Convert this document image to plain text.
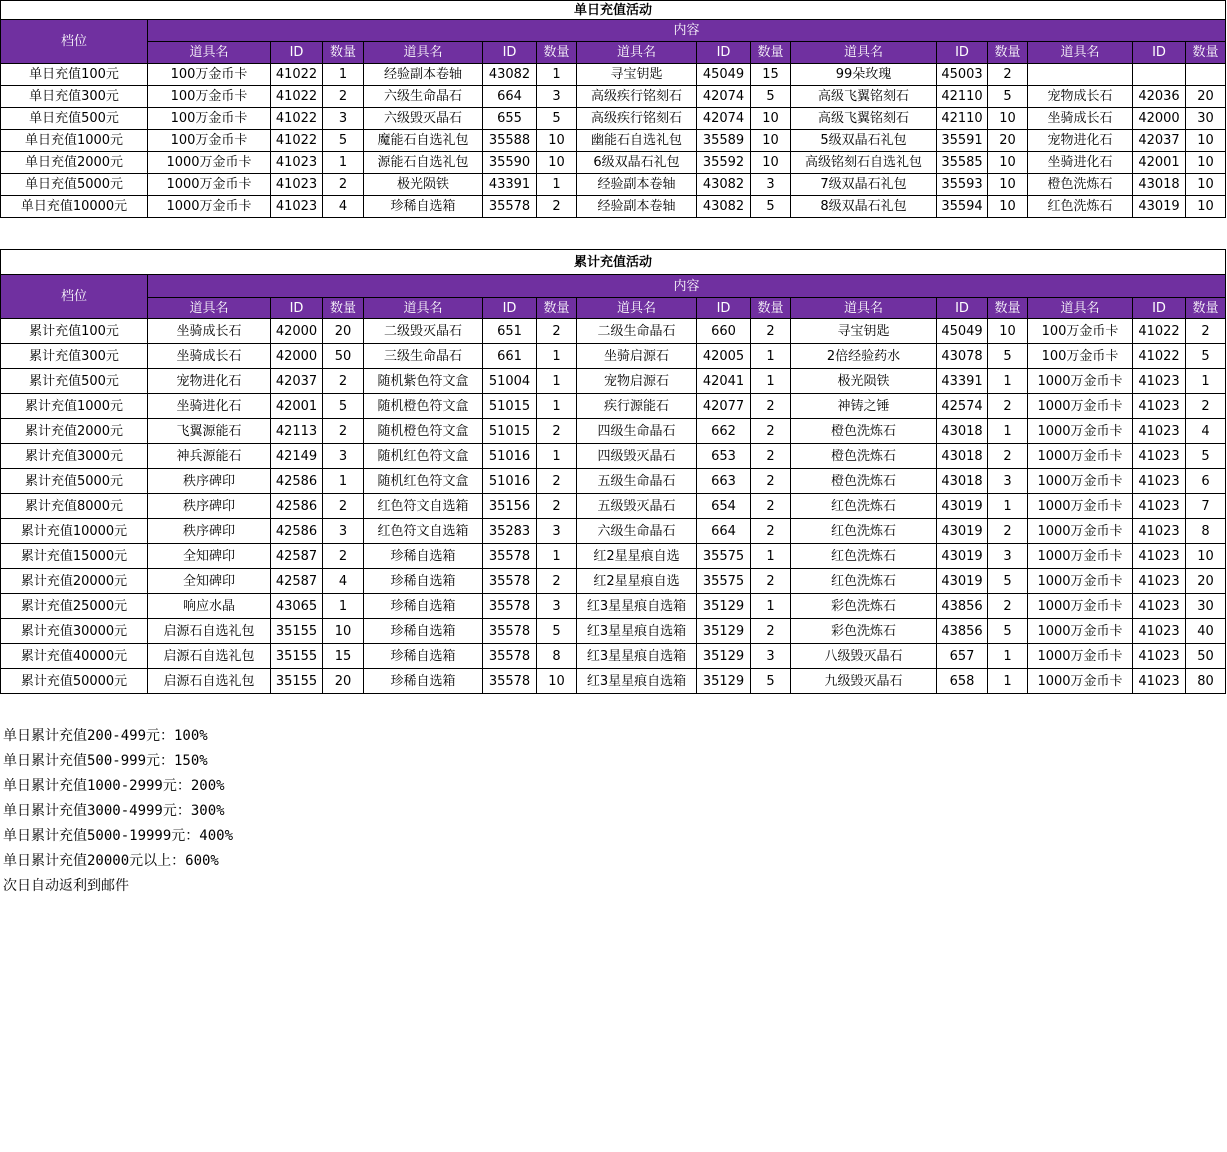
单日充值活动															
档位	内容														
	道具名	ID	数量	道具名	ID	数量	道具名	ID	数量	道具名	ID	数量	道具名	ID	数量
单日充值100元	100万金币卡	41022	1	经验副本卷轴	43082	1	寻宝钥匙	45049	15	99朵玫瑰	45003	2			
单日充值300元	100万金币卡	41022	2	六级生命晶石	664	3	高级疾行铭刻石	42074	5	高级飞翼铭刻石	42110	5	宠物成长石	42036	20
单日充值500元	100万金币卡	41022	3	六级毁灭晶石	655	5	高级疾行铭刻石	42074	10	高级飞翼铭刻石	42110	10	坐骑成长石	42000	30
单日充值1000元	100万金币卡	41022	5	魔能石自选礼包	35588	10	幽能石自选礼包	35589	10	5级双晶石礼包	35591	20	宠物进化石	42037	10
单日充值2000元	1000万金币卡	41023	1	源能石自选礼包	35590	10	6级双晶石礼包	35592	10	高级铭刻石自选礼包	35585	10	坐骑进化石	42001	10
单日充值5000元	1000万金币卡	41023	2	极光陨铁	43391	1	经验副本卷轴	43082	3	7级双晶石礼包	35593	10	橙色洗炼石	43018	10
单日充值10000元	1000万金币卡	41023	4	珍稀自选箱	35578	2	经验副本卷轴	43082	5	8级双晶石礼包	35594	10	红色洗炼石	43019	10
累计充值活动															
档位	内容														
	道具名	ID	数量	道具名	ID	数量	道具名	ID	数量	道具名	ID	数量	道具名	ID	数量
累计充值100元	坐骑成长石	42000	20	二级毁灭晶石	651	2	二级生命晶石	660	2	寻宝钥匙	45049	10	100万金币卡	41022	2
累计充值300元	坐骑成长石	42000	50	三级生命晶石	661	1	坐骑启源石	42005	1	2倍经验药水	43078	5	100万金币卡	41022	5
累计充值500元	宠物进化石	42037	2	随机紫色符文盒	51004	1	宠物启源石	42041	1	极光陨铁	43391	1	1000万金币卡	41023	1
累计充值1000元	坐骑进化石	42001	5	随机橙色符文盒	51015	1	疾行源能石	42077	2	神铸之锤	42574	2	1000万金币卡	41023	2
累计充值2000元	飞翼源能石	42113	2	随机橙色符文盒	51015	2	四级生命晶石	662	2	橙色洗炼石	43018	1	1000万金币卡	41023	4
累计充值3000元	神兵源能石	42149	3	随机红色符文盒	51016	1	四级毁灭晶石	653	2	橙色洗炼石	43018	2	1000万金币卡	41023	5
累计充值5000元	秩序碑印	42586	1	随机红色符文盒	51016	2	五级生命晶石	663	2	橙色洗炼石	43018	3	1000万金币卡	41023	6
累计充值8000元	秩序碑印	42586	2	红色符文自选箱	35156	2	五级毁灭晶石	654	2	红色洗炼石	43019	1	1000万金币卡	41023	7
累计充值10000元	秩序碑印	42586	3	红色符文自选箱	35283	3	六级生命晶石	664	2	红色洗炼石	43019	2	1000万金币卡	41023	8
累计充值15000元	全知碑印	42587	2	珍稀自选箱	35578	1	红2星星痕自选	35575	1	红色洗炼石	43019	3	1000万金币卡	41023	10
累计充值20000元	全知碑印	42587	4	珍稀自选箱	35578	2	红2星星痕自选	35575	2	红色洗炼石	43019	5	1000万金币卡	41023	20
累计充值25000元	响应水晶	43065	1	珍稀自选箱	35578	3	红3星星痕自选箱	35129	1	彩色洗炼石	43856	2	1000万金币卡	41023	30
累计充值30000元	启源石自选礼包	35155	10	珍稀自选箱	35578	5	红3星星痕自选箱	35129	2	彩色洗炼石	43856	5	1000万金币卡	41023	40
累计充值40000元	启源石自选礼包	35155	15	珍稀自选箱	35578	8	红3星星痕自选箱	35129	3	八级毁灭晶石	657	1	1000万金币卡	41023	50
累计充值50000元	启源石自选礼包	35155	20	珍稀自选箱	35578	10	红3星星痕自选箱	35129	5	九级毁灭晶石	658	1	1000万金币卡	41023	80
单日累计充值200-499元：100%
单日累计充值500-999元：150%
单日累计充值1000-2999元：200%
单日累计充值3000-4999元：300%
单日累计充值5000-19999元：400%
单日累计充值20000元以上：600%
次日自动返利到邮件
